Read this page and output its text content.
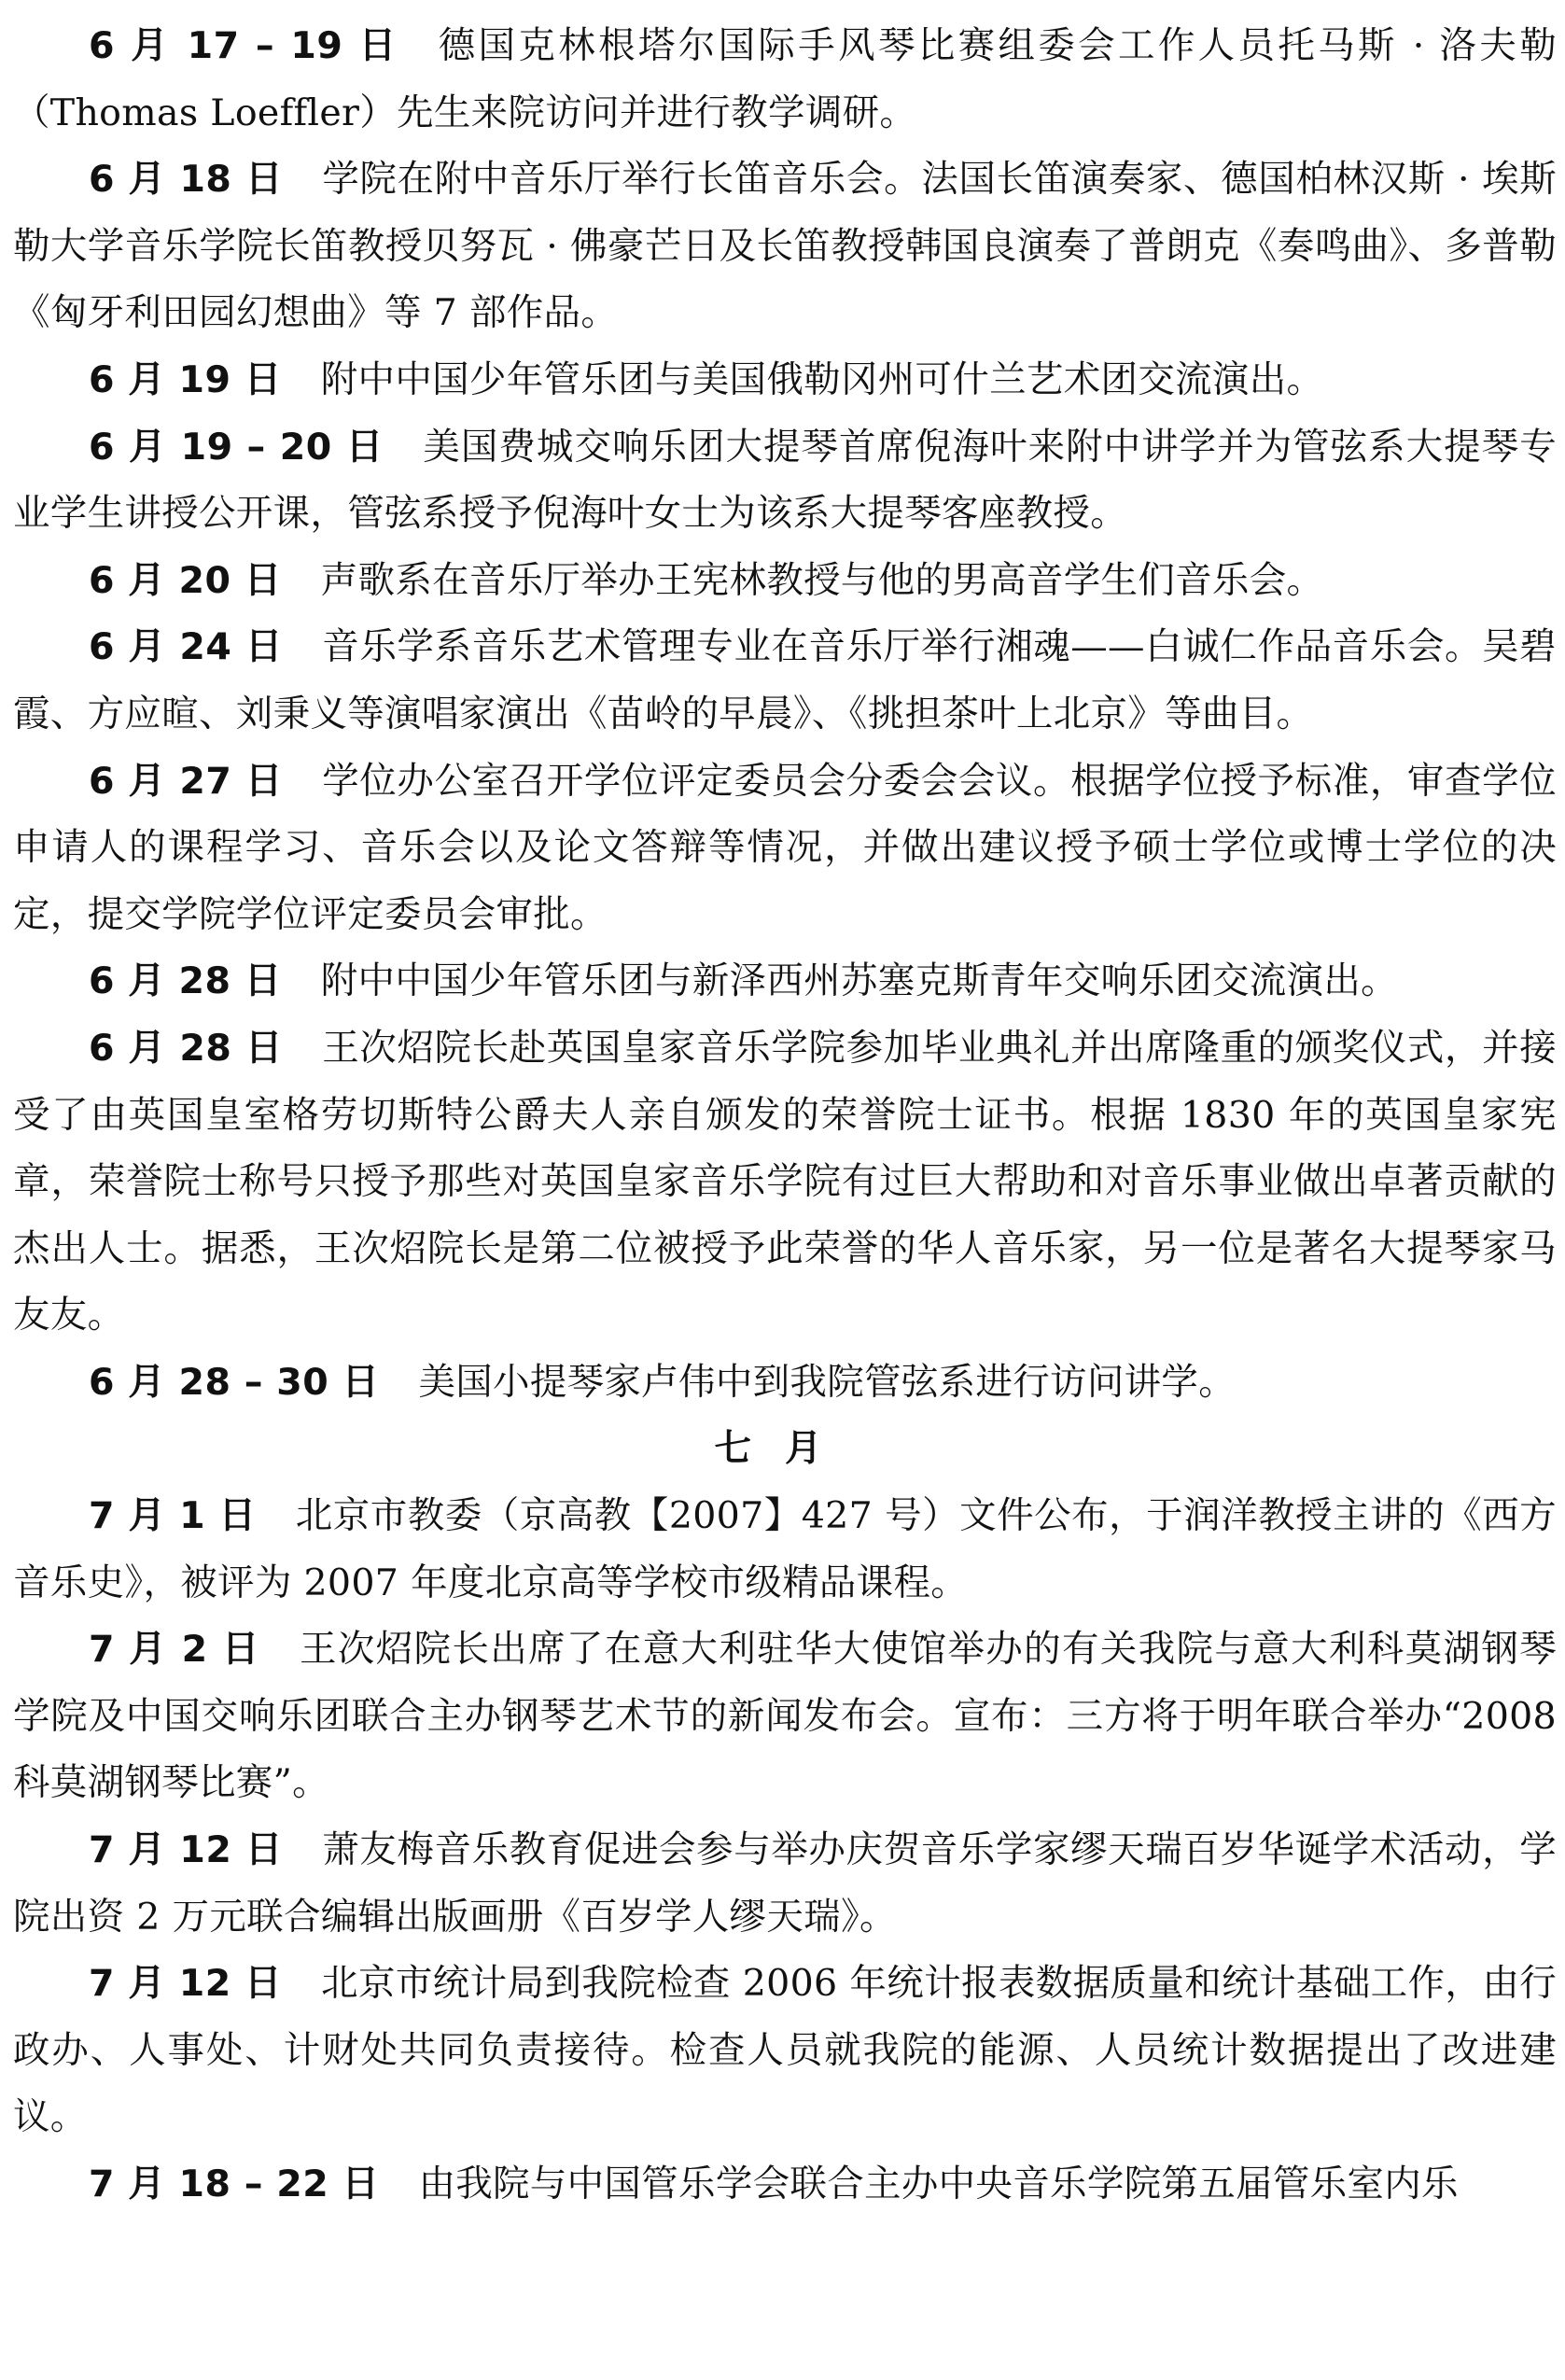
6 月 17 – 19 日 德国克林根塔尔国际手风琴比赛组委会工作人员托马斯 · 洛夫勒（Thomas Loeffler）先生来院访问并进行教学调研。

6 月 18 日 学院在附中音乐厅举行长笛音乐会。法国长笛演奏家、德国柏林汉斯 · 埃斯勒大学音乐学院长笛教授贝努瓦 · 佛豪芒日及长笛教授韩国良演奏了普朗克《奏鸣曲》、多普勒《匈牙利田园幻想曲》等 7 部作品。

6 月 19 日 附中中国少年管乐团与美国俄勒冈州可什兰艺术团交流演出。

6 月 19 – 20 日 美国费城交响乐团大提琴首席倪海叶来附中讲学并为管弦系大提琴专业学生讲授公开课，管弦系授予倪海叶女士为该系大提琴客座教授。

6 月 20 日 声歌系在音乐厅举办王宪林教授与他的男高音学生们音乐会。

6 月 24 日 音乐学系音乐艺术管理专业在音乐厅举行湘魂——白诚仁作品音乐会。吴碧霞、方应暄、刘秉义等演唱家演出《苗岭的早晨》、《挑担茶叶上北京》等曲目。

6 月 27 日 学位办公室召开学位评定委员会分委会会议。根据学位授予标准，审查学位申请人的课程学习、音乐会以及论文答辩等情况，并做出建议授予硕士学位或博士学位的决定，提交学院学位评定委员会审批。

6 月 28 日 附中中国少年管乐团与新泽西州苏塞克斯青年交响乐团交流演出。

6 月 28 日 王次炤院长赴英国皇家音乐学院参加毕业典礼并出席隆重的颁奖仪式，并接受了由英国皇室格劳切斯特公爵夫人亲自颁发的荣誉院士证书。根据 1830 年的英国皇家宪章，荣誉院士称号只授予那些对英国皇家音乐学院有过巨大帮助和对音乐事业做出卓著贡献的杰出人士。据悉，王次炤院长是第二位被授予此荣誉的华人音乐家，另一位是著名大提琴家马友友。

6 月 28 – 30 日 美国小提琴家卢伟中到我院管弦系进行访问讲学。

七月

7 月 1 日 北京市教委（京高教【2007】427 号）文件公布，于润洋教授主讲的《西方音乐史》，被评为 2007 年度北京高等学校市级精品课程。

7 月 2 日 王次炤院长出席了在意大利驻华大使馆举办的有关我院与意大利科莫湖钢琴学院及中国交响乐团联合主办钢琴艺术节的新闻发布会。宣布：三方将于明年联合举办“2008 科莫湖钢琴比赛”。

7 月 12 日 萧友梅音乐教育促进会参与举办庆贺音乐学家缪天瑞百岁华诞学术活动，学院出资 2 万元联合编辑出版画册《百岁学人缪天瑞》。

7 月 12 日 北京市统计局到我院检查 2006 年统计报表数据质量和统计基础工作，由行政办、人事处、计财处共同负责接待。检查人员就我院的能源、人员统计数据提出了改进建议。

7 月 18 – 22 日 由我院与中国管乐学会联合主办中央音乐学院第五届管乐室内乐
